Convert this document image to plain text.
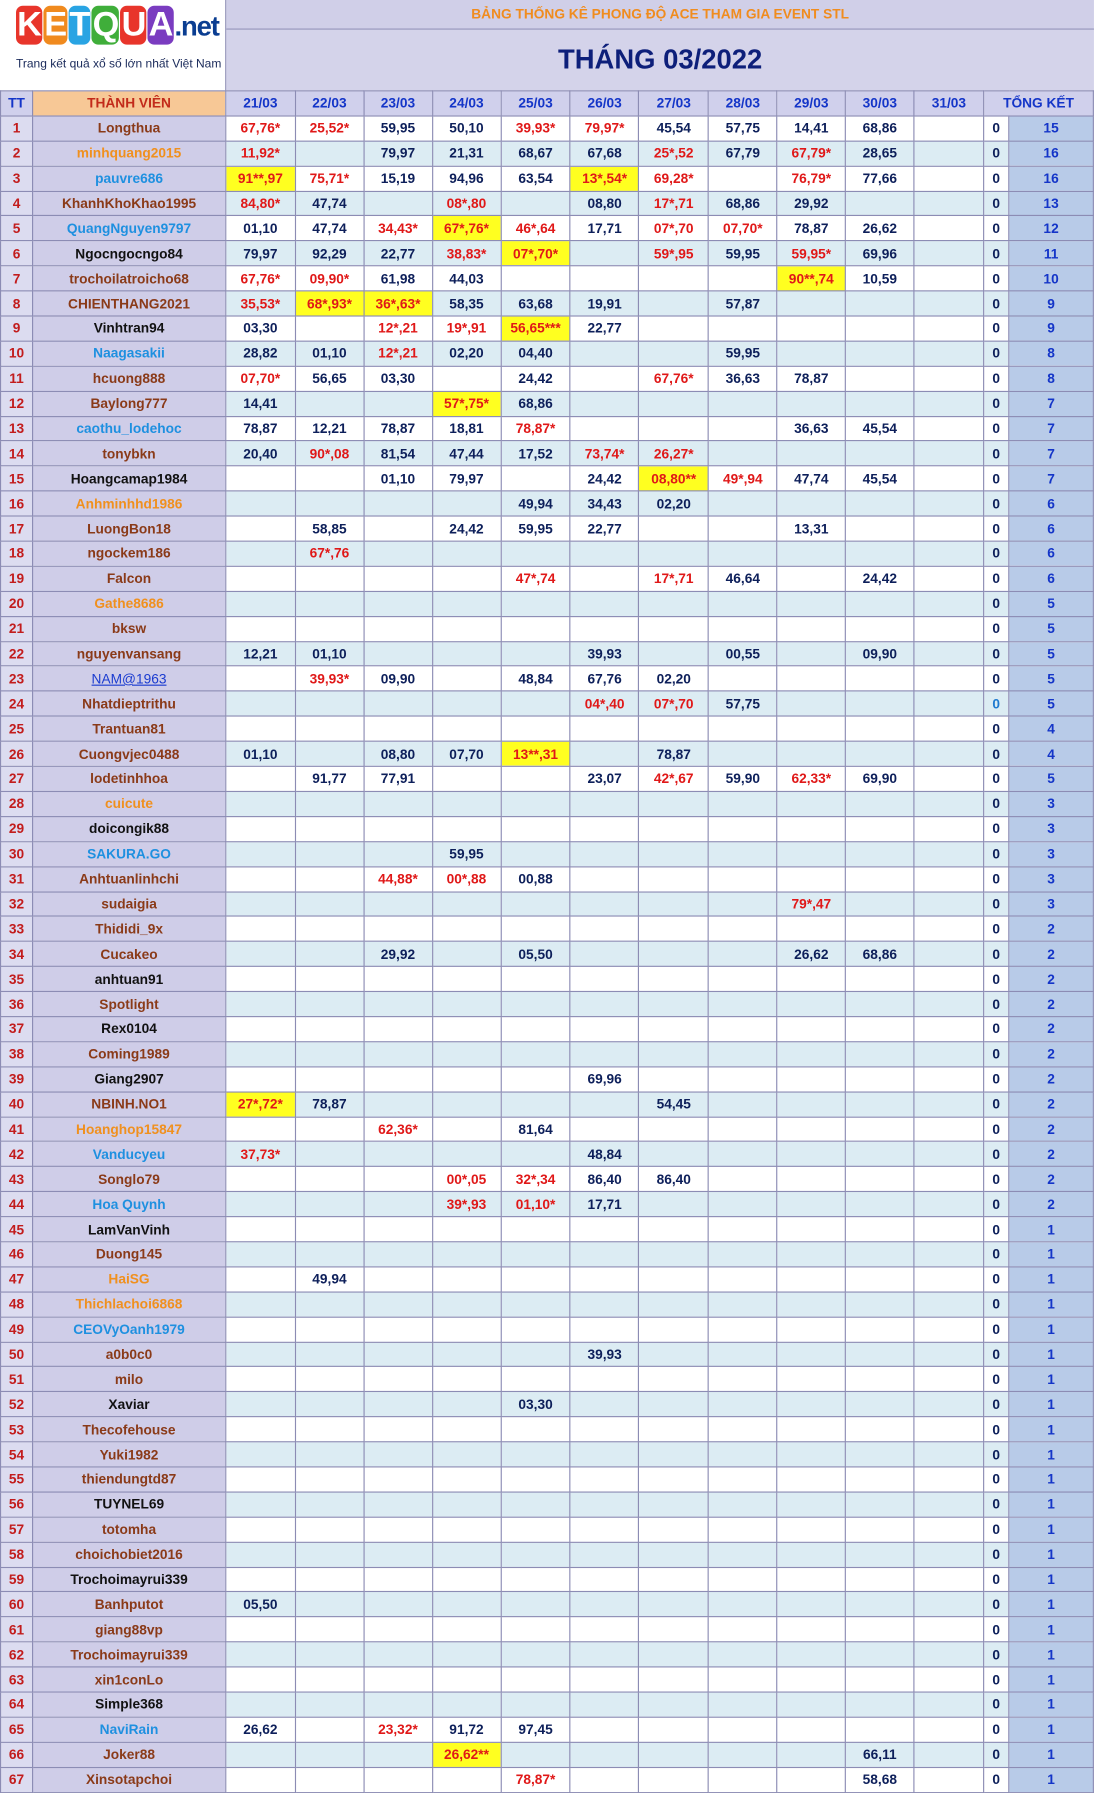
K E T Q U A.net
Trang kết quả xổ số lớn nhất Việt Nam
BẢNG THỐNG KÊ PHONG ĐỘ ACE THAM GIA EVENT STL
THÁNG 03/2022
TT	THÀNH VIÊN	21/03	22/03	23/03	24/03	25/03	26/03	27/03	28/03	29/03	30/03	31/03	TỔNG KẾT	
1	Longthua	67,76*	25,52*	59,95	50,10	39,93*	79,97*	45,54	57,75	14,41	68,86		0	15
2	minhquang2015	11,92*		79,97	21,31	68,67	67,68	25*,52	67,79	67,79*	28,65		0	16
3	pauvre686	91**,97	75,71*	15,19	94,96	63,54	13*,54*	69,28*		76,79*	77,66		0	16
4	KhanhKhoKhao1995	84,80*	47,74		08*,80		08,80	17*,71	68,86	29,92			0	13
5	QuangNguyen9797	01,10	47,74	34,43*	67*,76*	46*,64	17,71	07*,70	07,70*	78,87	26,62		0	12
6	Ngocngocngo84	79,97	92,29	22,77	38,83*	07*,70*		59*,95	59,95	59,95*	69,96		0	11
7	trochoilatroicho68	67,76*	09,90*	61,98	44,03					90**,74	10,59		0	10
8	CHIENTHANG2021	35,53*	68*,93*	36*,63*	58,35	63,68	19,91		57,87				0	9
9	Vinhtran94	03,30		12*,21	19*,91	56,65***	22,77						0	9
10	Naagasakii	28,82	01,10	12*,21	02,20	04,40			59,95				0	8
11	hcuong888	07,70*	56,65	03,30		24,42		67,76*	36,63	78,87			0	8
12	Baylong777	14,41			57*,75*	68,86							0	7
13	caothu_lodehoc	78,87	12,21	78,87	18,81	78,87*				36,63	45,54		0	7
14	tonybkn	20,40	90*,08	81,54	47,44	17,52	73,74*	26,27*					0	7
15	Hoangcamap1984			01,10	79,97		24,42	08,80**	49*,94	47,74	45,54		0	7
16	Anhminhhd1986					49,94	34,43	02,20					0	6
17	LuongBon18		58,85		24,42	59,95	22,77			13,31			0	6
18	ngockem186		67*,76										0	6
19	Falcon					47*,74		17*,71	46,64		24,42		0	6
20	Gathe8686												0	5
21	bksw												0	5
22	nguyenvansang	12,21	01,10				39,93		00,55		09,90		0	5
23	NAM@1963		39,93*	09,90		48,84	67,76	02,20					0	5
24	Nhatdieptrithu						04*,40	07*,70	57,75				0	5
25	Trantuan81												0	4
26	Cuongvjec0488	01,10		08,80	07,70	13**,31		78,87					0	4
27	lodetinhhoa		91,77	77,91			23,07	42*,67	59,90	62,33*	69,90		0	5
28	cuicute												0	3
29	doicongik88												0	3
30	SAKURA.GO				59,95								0	3
31	Anhtuanlinhchi			44,88*	00*,88	00,88							0	3
32	sudaigia									79*,47			0	3
33	Thididi_9x												0	2
34	Cucakeo			29,92		05,50				26,62	68,86		0	2
35	anhtuan91												0	2
36	Spotlight												0	2
37	Rex0104												0	2
38	Coming1989												0	2
39	Giang2907						69,96						0	2
40	NBINH.NO1	27*,72*	78,87					54,45					0	2
41	Hoanghop15847			62,36*		81,64							0	2
42	Vanducyeu	37,73*					48,84						0	2
43	Songlo79				00*,05	32*,34	86,40	86,40					0	2
44	Hoa Quynh				39*,93	01,10*	17,71						0	2
45	LamVanVinh												0	1
46	Duong145												0	1
47	HaiSG		49,94										0	1
48	Thichlachoi6868												0	1
49	CEOVyOanh1979												0	1
50	a0b0c0						39,93						0	1
51	milo												0	1
52	Xaviar					03,30							0	1
53	Thecofehouse												0	1
54	Yuki1982												0	1
55	thiendungtd87												0	1
56	TUYNEL69												0	1
57	totomha												0	1
58	choichobiet2016												0	1
59	Trochoimayrui339												0	1
60	Banhputot	05,50											0	1
61	giang88vp												0	1
62	Trochoimayrui339												0	1
63	xin1conLo												0	1
64	Simple368												0	1
65	NaviRain	26,62		23,32*	91,72	97,45							0	1
66	Joker88				26,62**						66,11		0	1
67	Xinsotapchoi					78,87*					58,68		0	1
